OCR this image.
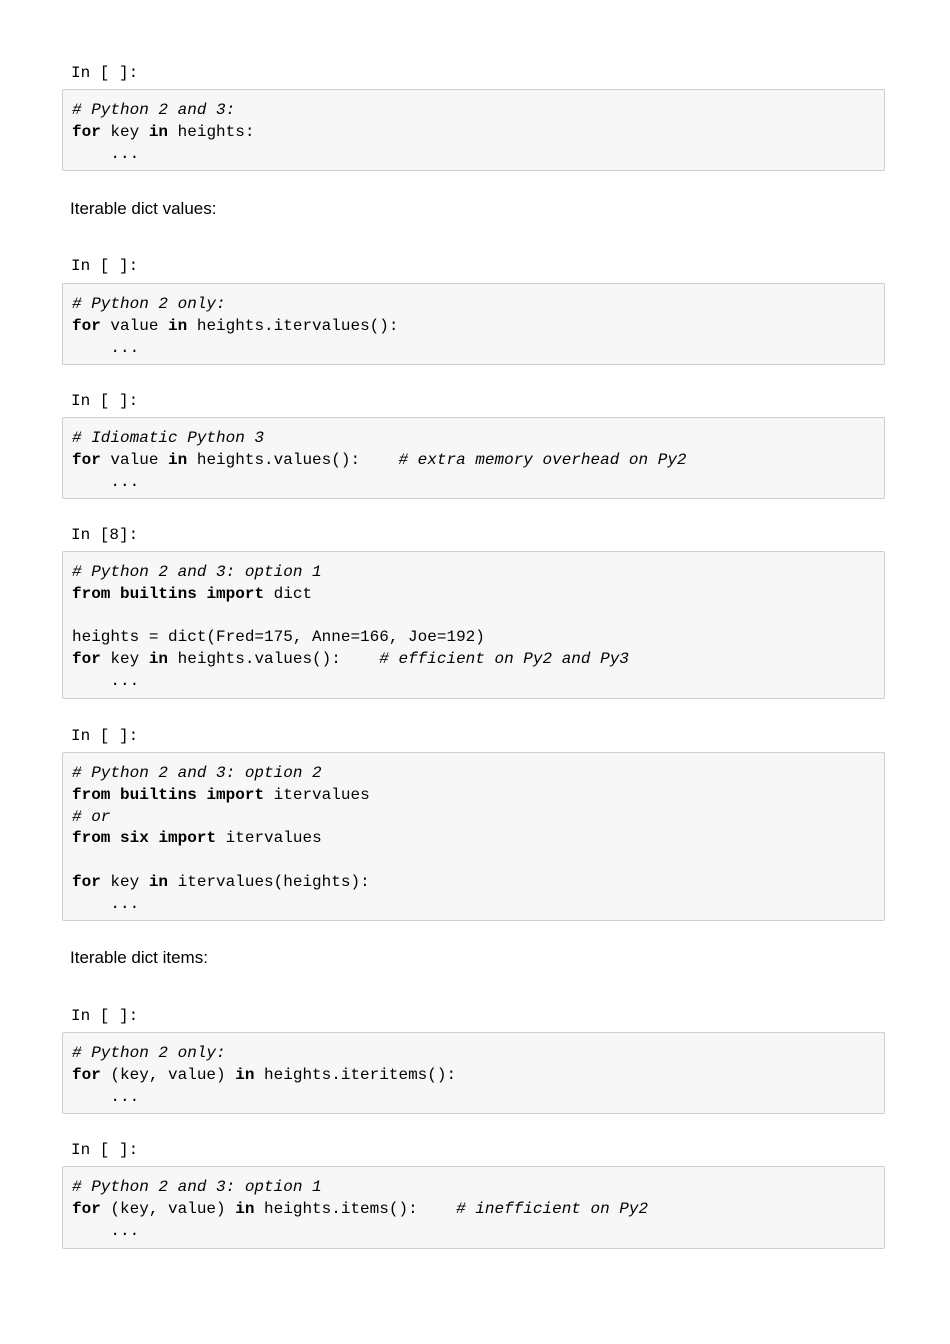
In [ ]:
# Python 2 and 3:
for key in heights:
...
Iterable dict values:
In [ ]:
# Python 2 only:
for value in heights.itervalues():
...
In [ ]:
# Idiomatic Python 3
for value in heights.values():    # extra memory overhead on Py2
...
In [8]:
# Python 2 and 3: option 1
from builtins import dict
heights = dict(Fred=175, Anne=166, Joe=192)
for key in heights.values():    # efficient on Py2 and Py3
...
In [ ]:
# Python 2 and 3: option 2
from builtins import itervalues
# or
from six import itervalues
for key in itervalues(heights):
...
Iterable dict items:
In [ ]:
# Python 2 only:
for (key, value) in heights.iteritems():
...
In [ ]:
# Python 2 and 3: option 1
for (key, value) in heights.items():    # inefficient on Py2
...
